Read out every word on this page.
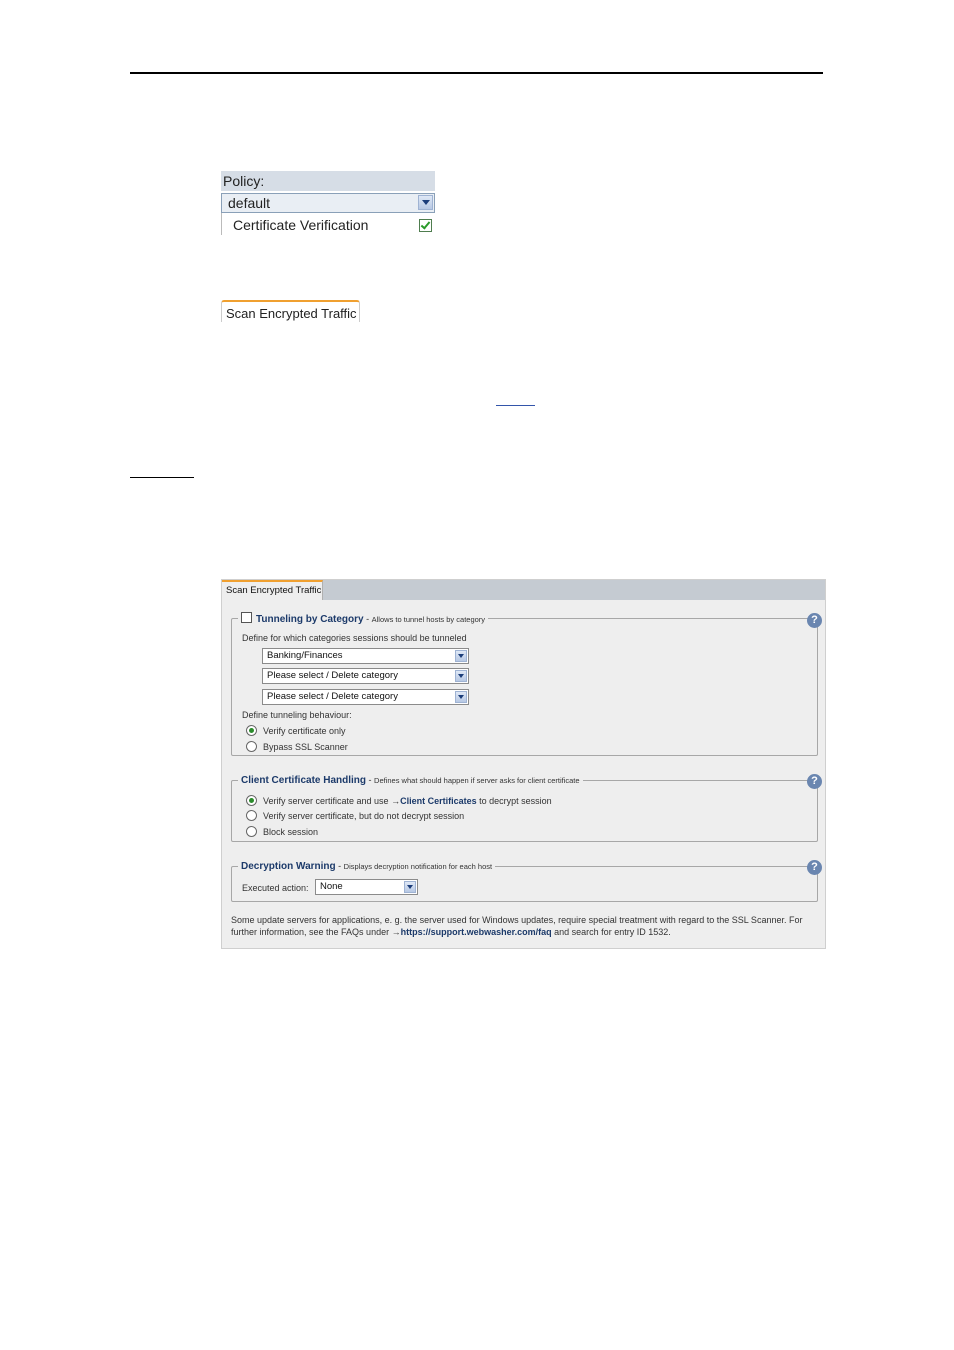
Policy:
default
Certificate Verification
Scan Encrypted Traffic
Scan Encrypted Traffic
Tunneling by Category - Allows to tunnel hosts by category	?
Define for which categories sessions should be tunneled
Banking/Finances
Please select / Delete category
Please select / Delete category
Define tunneling behaviour:
Verify certificate only
Bypass SSL Scanner
Client Certificate Handling - Defines what should happen if server asks for client certificate	?
Verify server certificate and use →Client Certificates to decrypt session
Verify server certificate, but do not decrypt session
Block session
Decryption Warning - Displays decryption notification for each host	?
Executed action:	None
Some update servers for applications, e. g. the server used for Windows updates, require special treatment with regard to the SSL Scanner. For further information, see the FAQs under →https://support.webwasher.com/faq and search for entry ID 1532.
